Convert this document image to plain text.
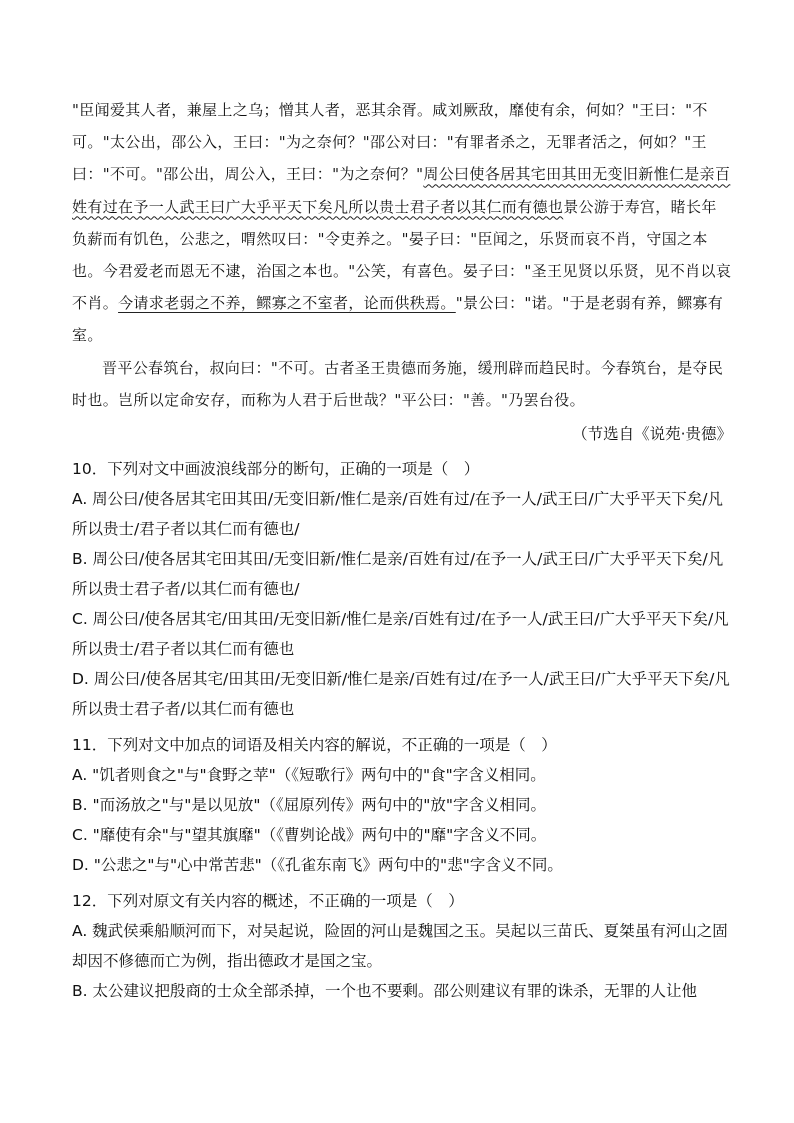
"臣闻爱其人者，兼屋上之乌；憎其人者，恶其余胥。咸刘厥敌，靡使有余，何如？"王曰："不可。"太公出，邵公入，王曰："为之奈何？"邵公对曰："有罪者杀之，无罪者活之，何如？"王曰："不可。"邵公出，周公入，王曰："为之奈何？"周公曰使各居其宅田其田无变旧新惟仁是亲百姓有过在予一人武王曰广大乎平天下矣凡所以贵士君子者以其仁而有德也景公游于寿宫，睹长年负薪而有饥色，公悲之，喟然叹曰："令吏养之。"晏子曰："臣闻之，乐贤而哀不肖，守国之本也。今君爱老而恩无不逮，治国之本也。"公笑，有喜色。晏子曰："圣王见贤以乐贤，见不肖以哀不肖。今请求老弱之不养，鳏寡之不室者，论而供秩焉。"景公曰："诺。"于是老弱有养，鳏寡有室。

晋平公春筑台，叔向曰："不可。古者圣王贵德而务施，缓刑辟而趋民时。今春筑台，是夺民时也。岂所以定命安存，而称为人君于后世哉？"平公曰："善。"乃罢台役。

（节选自《说苑·贵德》

10．下列对文中画波浪线部分的断句，正确的一项是（　）

A. 周公曰/使各居其宅田其田/无变旧新/惟仁是亲/百姓有过/在予一人/武王曰/广大乎平天下矣/凡所以贵士/君子者以其仁而有德也/

B. 周公曰/使各居其宅田其田/无变旧新/惟仁是亲/百姓有过/在予一人/武王曰/广大乎平天下矣/凡所以贵士君子者/以其仁而有德也/

C. 周公曰/使各居其宅/田其田/无变旧新/惟仁是亲/百姓有过/在予一人/武王曰/广大乎平天下矣/凡所以贵士/君子者以其仁而有德也

D. 周公曰/使各居其宅/田其田/无变旧新/惟仁是亲/百姓有过/在予一人/武王曰/广大乎平天下矣/凡所以贵士君子者/以其仁而有德也

11．下列对文中加点的词语及相关内容的解说，不正确的一项是（　）

A. "饥者则食之"与"食野之苹"（《短歌行》两句中的"食"字含义相同。

B. "而汤放之"与"是以见放"（《屈原列传》两句中的"放"字含义相同。

C. "靡使有余"与"望其旗靡"（《曹刿论战》两句中的"靡"字含义不同。

D. "公悲之"与"心中常苦悲"（《孔雀东南飞》两句中的"悲"字含义不同。

12．下列对原文有关内容的概述，不正确的一项是（　）

A. 魏武侯乘船顺河而下，对吴起说，险固的河山是魏国之玉。吴起以三苗氏、夏桀虽有河山之固却因不修德而亡为例，指出德政才是国之宝。

B. 太公建议把殷商的士众全部杀掉，一个也不要剩。邵公则建议有罪的诛杀，无罪的人让他
